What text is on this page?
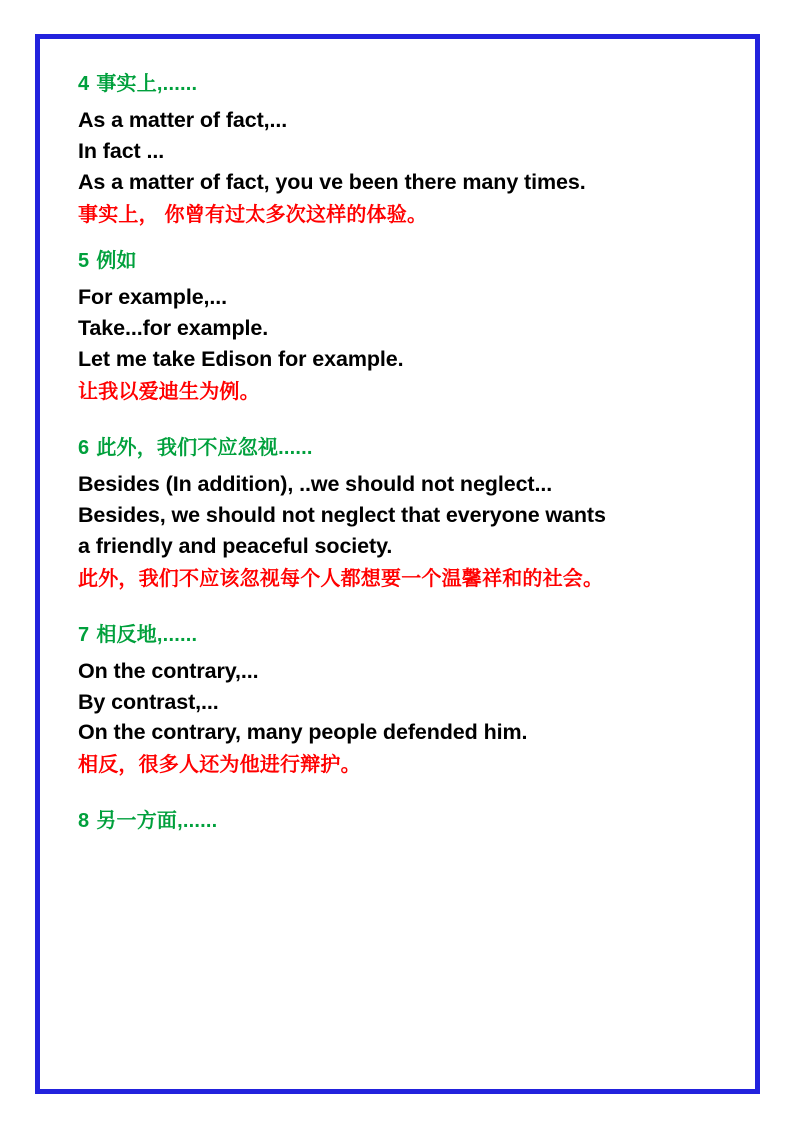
4 事实上,......
As a matter of fact,...
In fact ...
As a matter of fact, you ve been there many times.
事实上， 你曾有过太多次这样的体验。
5 例如
For example,...
Take...for example.
Let me take Edison for example.
让我以爱迪生为例。
6 此外，我们不应忽视......
Besides (In addition), ..we should not neglect...
Besides, we should not neglect that everyone wants
a friendly and peaceful society.
此外，我们不应该忽视每个人都想要一个温馨祥和的社会。
7 相反地,......
On the contrary,...
By contrast,...
On the contrary, many people defended him.
相反，很多人还为他进行辩护。
8 另一方面,......
